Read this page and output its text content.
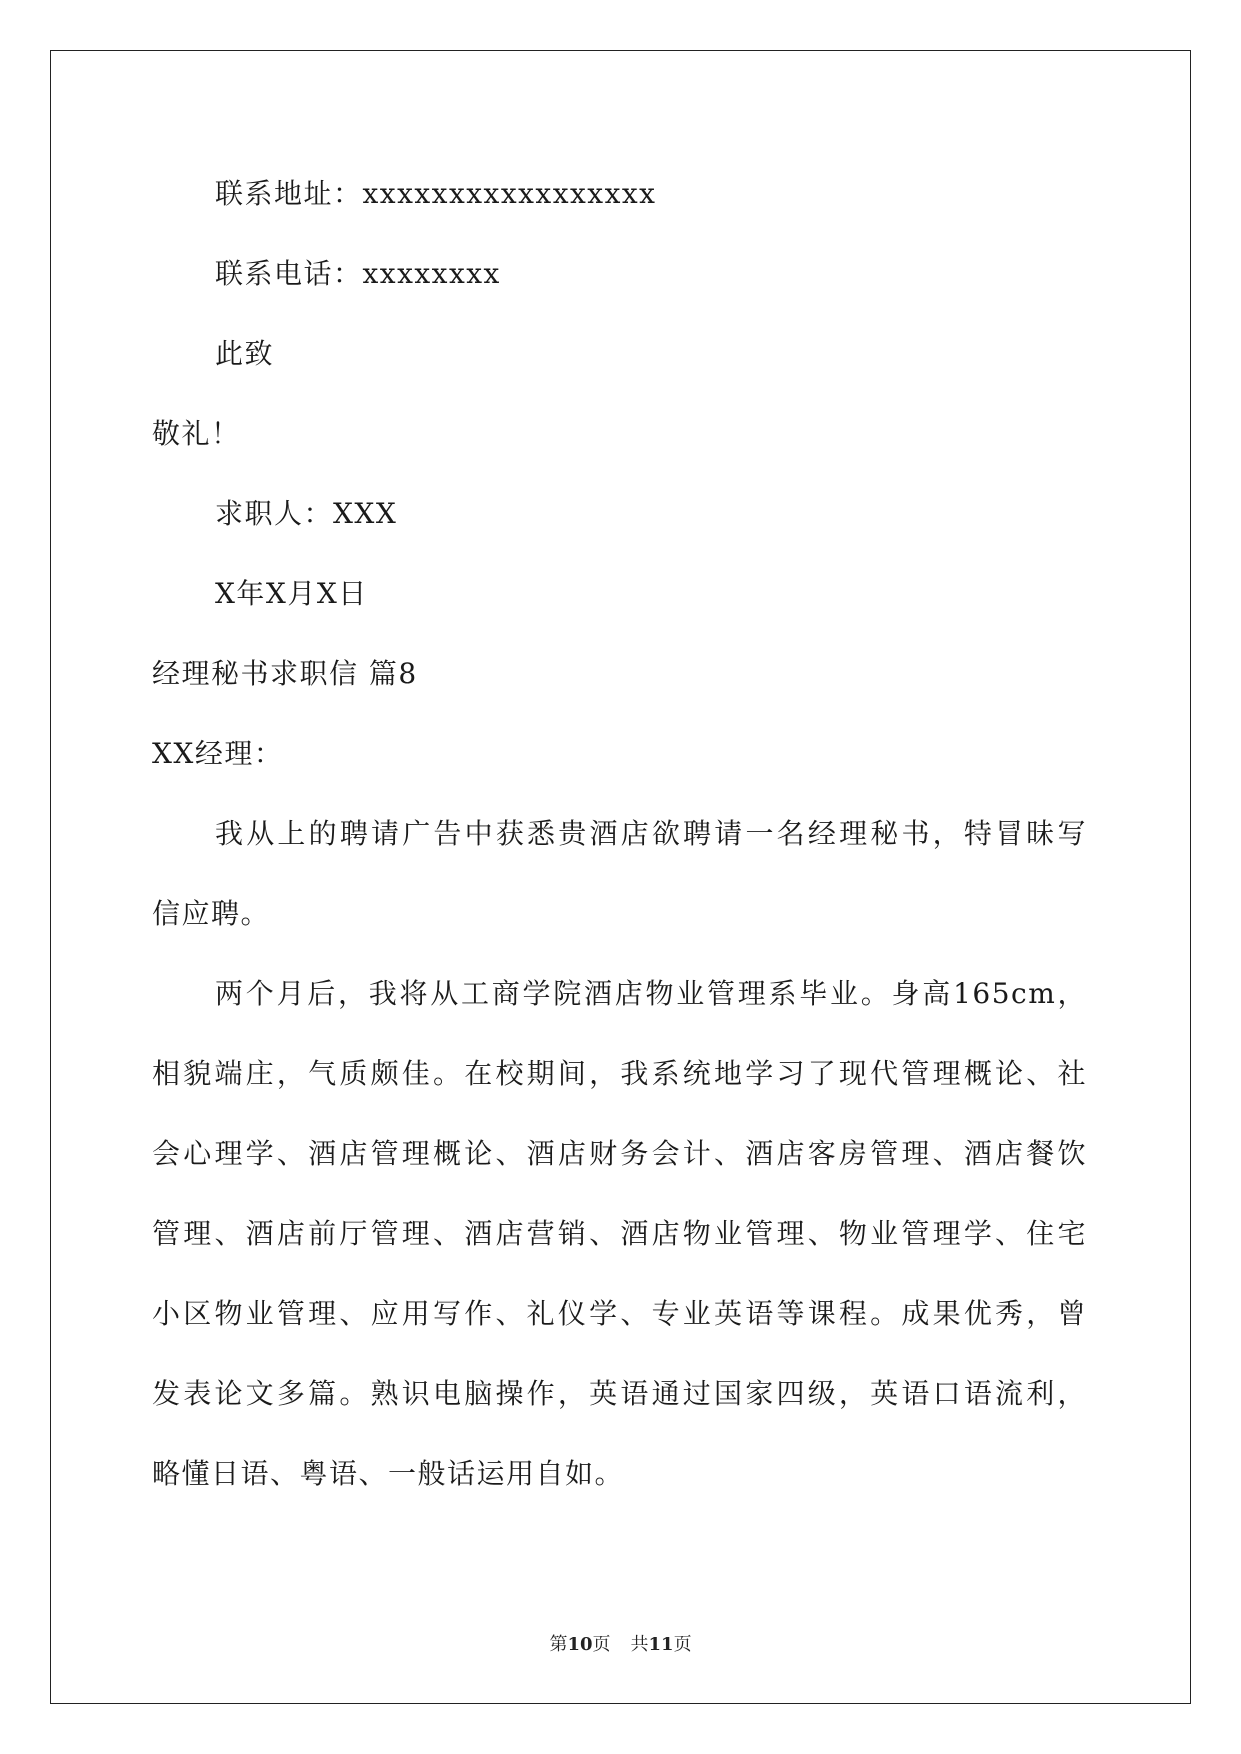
联系地址：xxxxxxxxxxxxxxxxx
联系电话：xxxxxxxx
此致
敬礼！
求职人：XXX
X年X月X日
经理秘书求职信 篇8
XX经理：
我从上的聘请广告中获悉贵酒店欲聘请一名经理秘书，特冒昧写
信应聘。
两个月后，我将从工商学院酒店物业管理系毕业。身高165cm，
相貌端庄，气质颇佳。在校期间，我系统地学习了现代管理概论、社
会心理学、酒店管理概论、酒店财务会计、酒店客房管理、酒店餐饮
管理、酒店前厅管理、酒店营销、酒店物业管理、物业管理学、住宅
小区物业管理、应用写作、礼仪学、专业英语等课程。成果优秀，曾
发表论文多篇。熟识电脑操作，英语通过国家四级，英语口语流利，
略懂日语、粤语、一般话运用自如。
第10页 共11页
